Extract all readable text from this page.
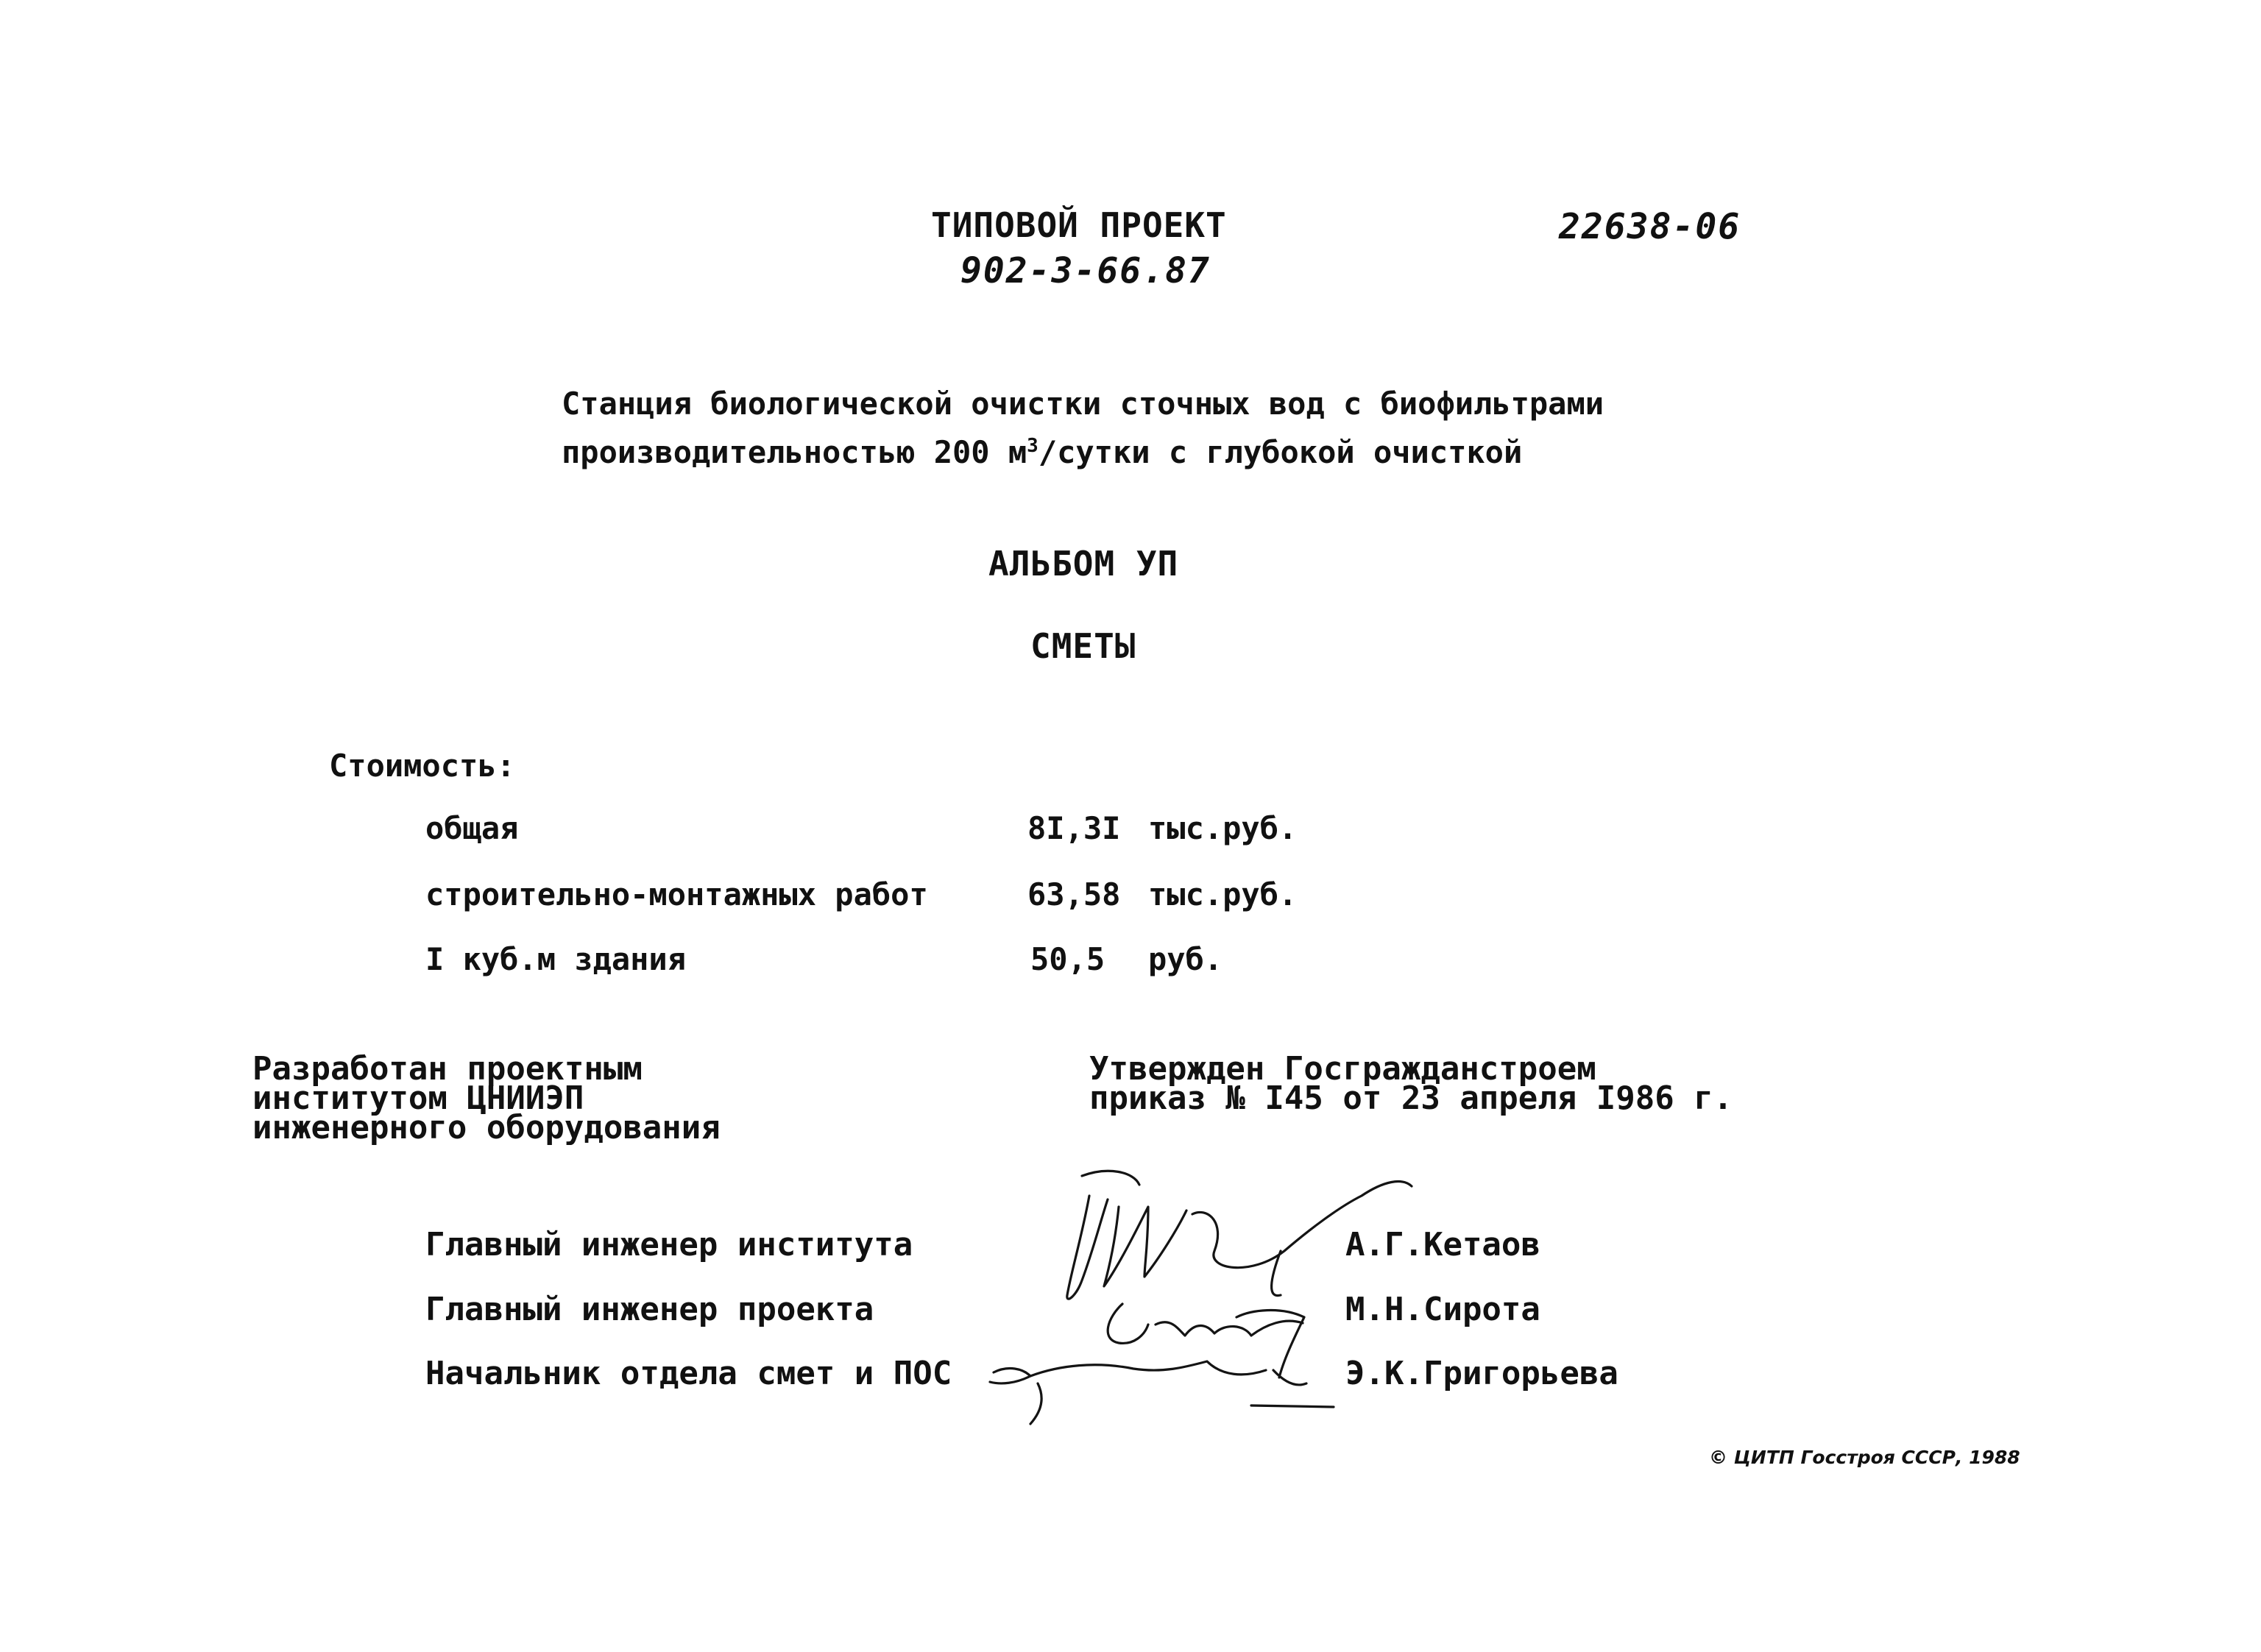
ТИПОВОЙ ПРОЕКТ
902-3-66.87
22638-06
Станция биологической очистки сточных вод с биофильтрами
производительностью 200 $м^3$/сутки с глубокой очисткой
АЛЬБОМ УП
СМЕТЫ
Стоимость:
общая	8I,3I тыс.руб.
строительно-монтажных работ	63,58 тыс.руб.
I куб.м здания	50,5 руб.
Разработан проектным
институтом ЦНИИЭП
инженерного оборудования
Утвержден Госгражданстроем
приказ № I45 от 23 апреля I986 г.
Главный инженер института	А.Г.Кетаов
Главный инженер проекта	М.Н.Сирота
Начальник отдела смет и ПОС	Э.К.Григорьева
© ЦИТП Госстроя СССР, 1988
